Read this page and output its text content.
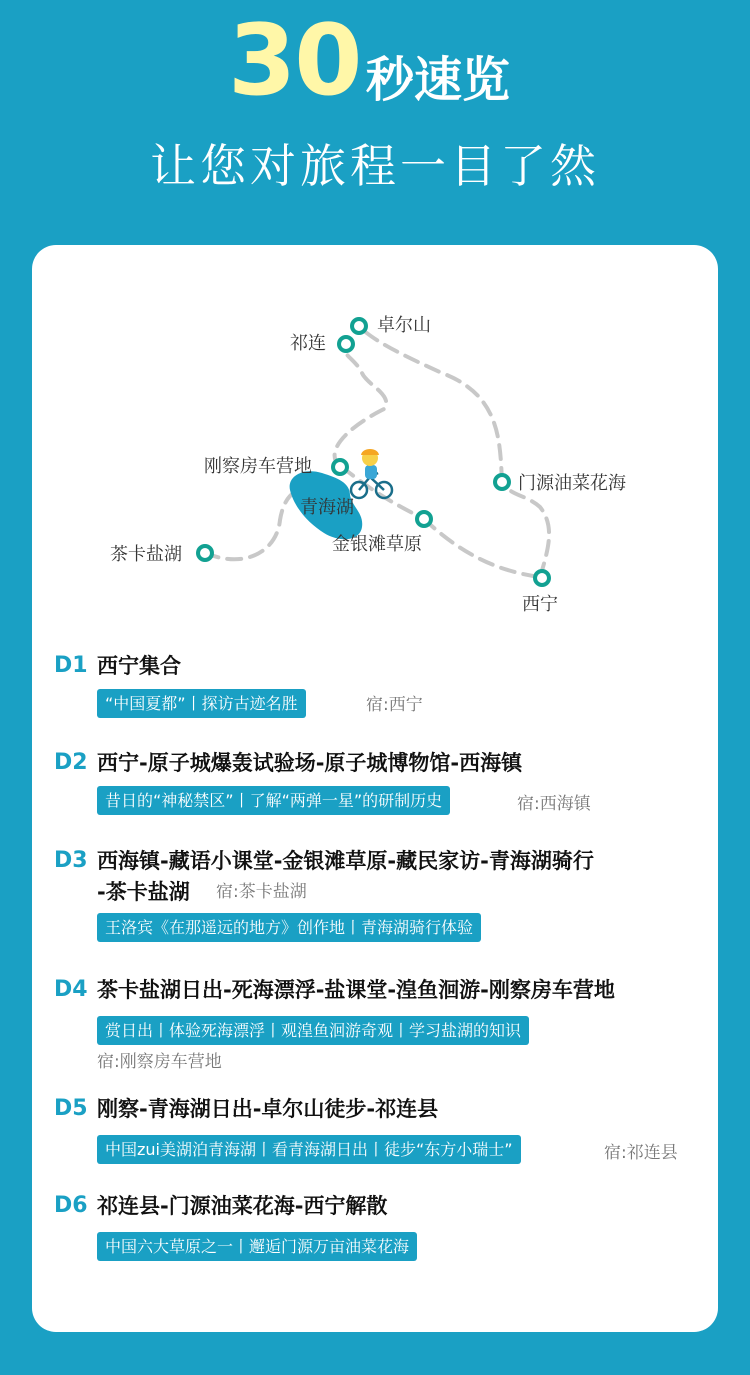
30 秒速览
让您对旅程一目了然
卓尔山
祁连
刚察房车营地
青海湖
门源油菜花海
金银滩草原
茶卡盐湖
西宁
D1 西宁集合
“中国夏都”丨探访古迹名胜	宿:西宁
D2 西宁-原子城爆轰试验场-原子城博物馆-西海镇
昔日的“神秘禁区”丨了解“两弹一星”的研制历史	宿:西海镇
D3 西海镇-藏语小课堂-金银滩草原-藏民家访-青海湖骑行
-茶卡盐湖 宿:茶卡盐湖
王洛宾《在那遥远的地方》创作地丨青海湖骑行体验
D4 茶卡盐湖日出-死海漂浮-盐课堂-湟鱼洄游-刚察房车营地
赏日出丨体验死海漂浮丨观湟鱼洄游奇观丨学习盐湖的知识
宿:刚察房车营地
D5 刚察-青海湖日出-卓尔山徒步-祁连县
中国zui美湖泊青海湖丨看青海湖日出丨徒步“东方小瑞士”	宿:祁连县
D6 祁连县-门源油菜花海-西宁解散
中国六大草原之一丨邂逅门源万亩油菜花海
